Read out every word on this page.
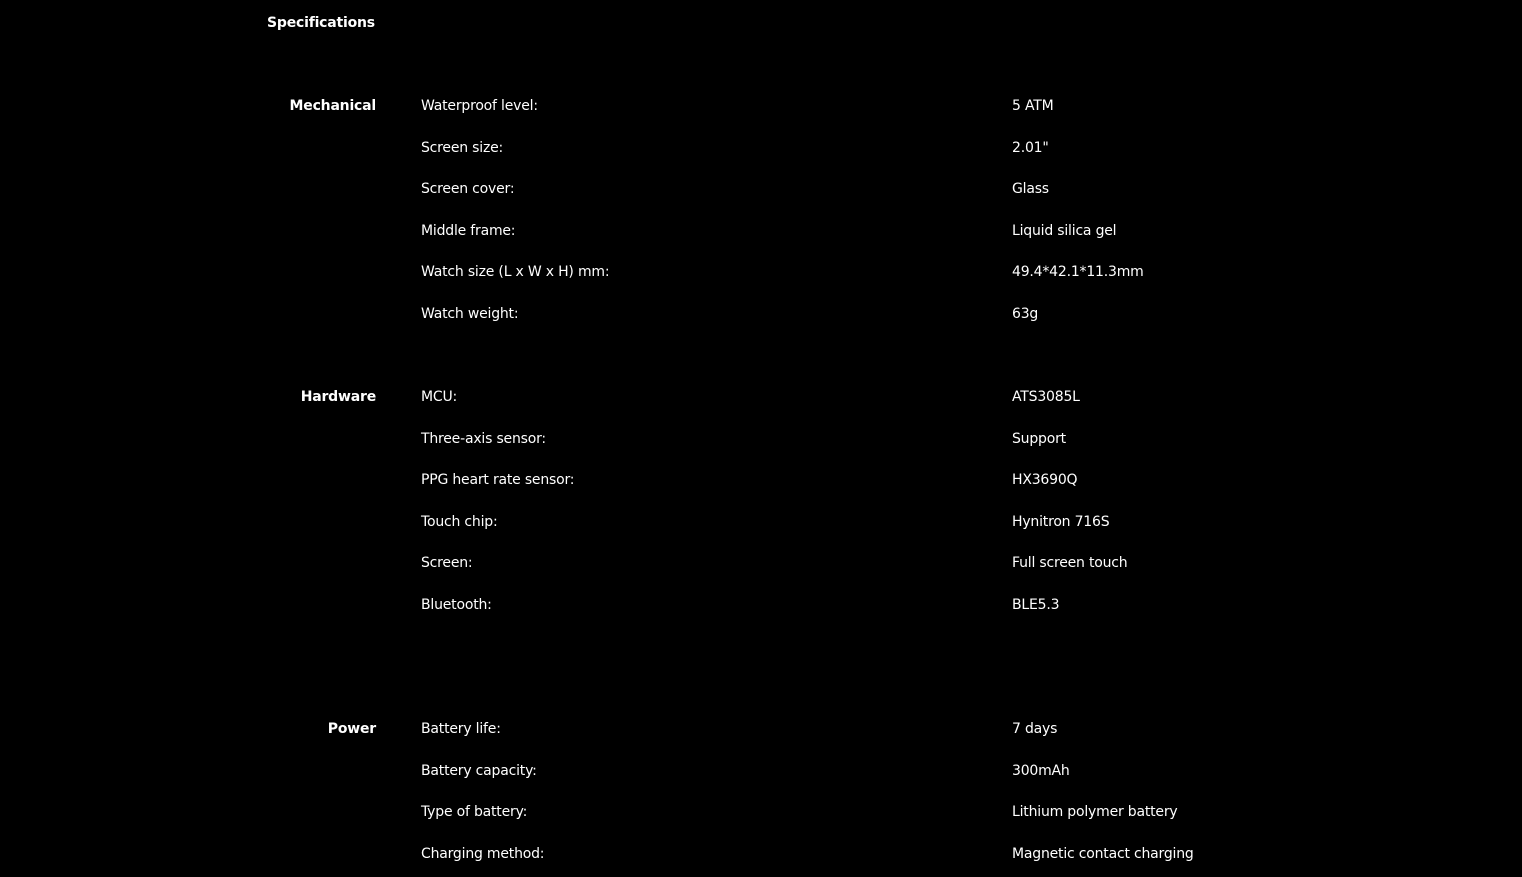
Specifications
Mechanical	Waterproof level:	5 ATM
Screen size:	2.01"
Screen cover:	Glass
Middle frame:	Liquid silica gel
Watch size (L x W x H) mm:	49.4*42.1*11.3mm
Watch weight:	63g
Hardware	MCU:	ATS3085L
Three-axis sensor:	Support
PPG heart rate sensor:	HX3690Q
Touch chip:	Hynitron 716S
Screen:	Full screen touch
Bluetooth:	BLE5.3
Power	Battery life:	7 days
Battery capacity:	300mAh
Type of battery:	Lithium polymer battery
Charging method:	Magnetic contact charging
